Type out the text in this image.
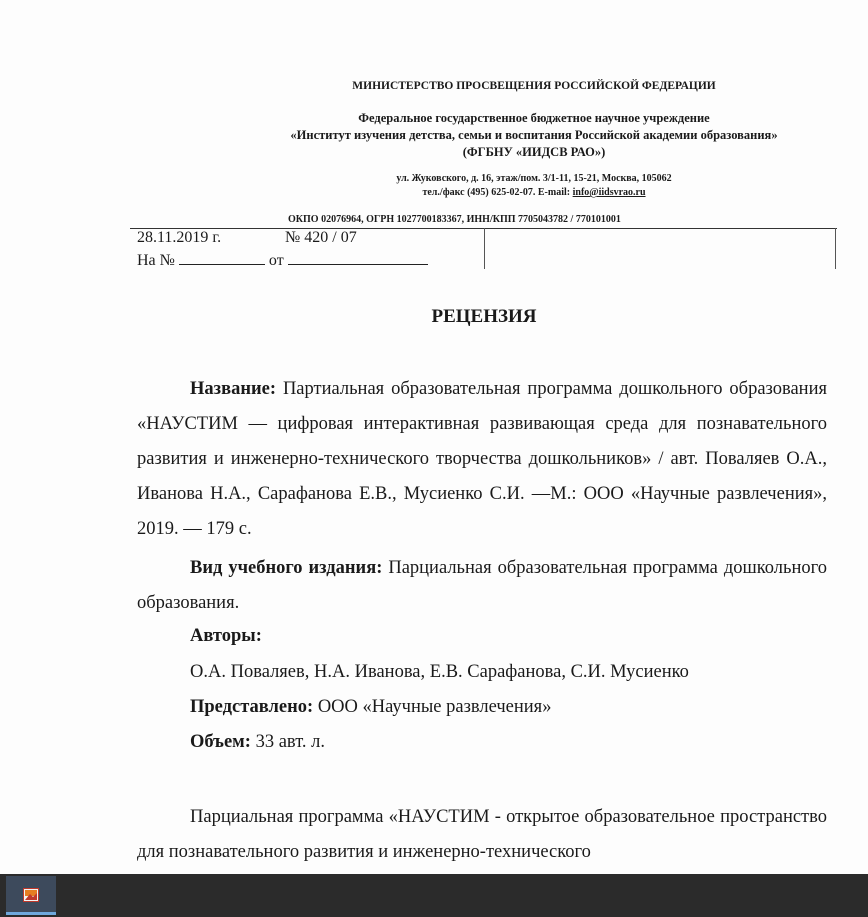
МИНИСТЕРСТВО ПРОСВЕЩЕНИЯ РОССИЙСКОЙ ФЕДЕРАЦИИ
Федеральное государственное бюджетное научное учреждение
«Институт изучения детства, семьи и воспитания Российской академии образования»
(ФГБНУ «ИИДСВ РАО»)
ул. Жуковского, д. 16, этаж/пом. 3/1-11, 15-21, Москва, 105062
тел./факс (495) 625-02-07. E-mail: info@iidsvrao.ru
ОКПО 02076964, ОГРН 1027700183367, ИНН/КПП 7705043782 / 770101001
28.11.2019 г.	№ 420 / 07
На №	от
РЕЦЕНЗИЯ
Название: Партиальная образовательная программа дошкольного образования «НАУСТИМ — цифровая интерактивная развивающая среда для познавательного развития и инженерно-технического творчества дошкольников» / авт. Поваляев О.А., Иванова Н.А., Сарафанова Е.В., Мусиенко С.И. —М.: ООО «Научные развлечения», 2019. — 179 с.
Вид учебного издания: Парциальная образовательная программа дошкольного образования.
Авторы:
О.А. Поваляев, Н.А. Иванова, Е.В. Сарафанова, С.И. Мусиенко
Представлено: ООО «Научные развлечения»
Объем: 33 авт. л.
Парциальная программа «НАУСТИМ - открытое образовательное пространство для познавательного развития и инженерно-технического
